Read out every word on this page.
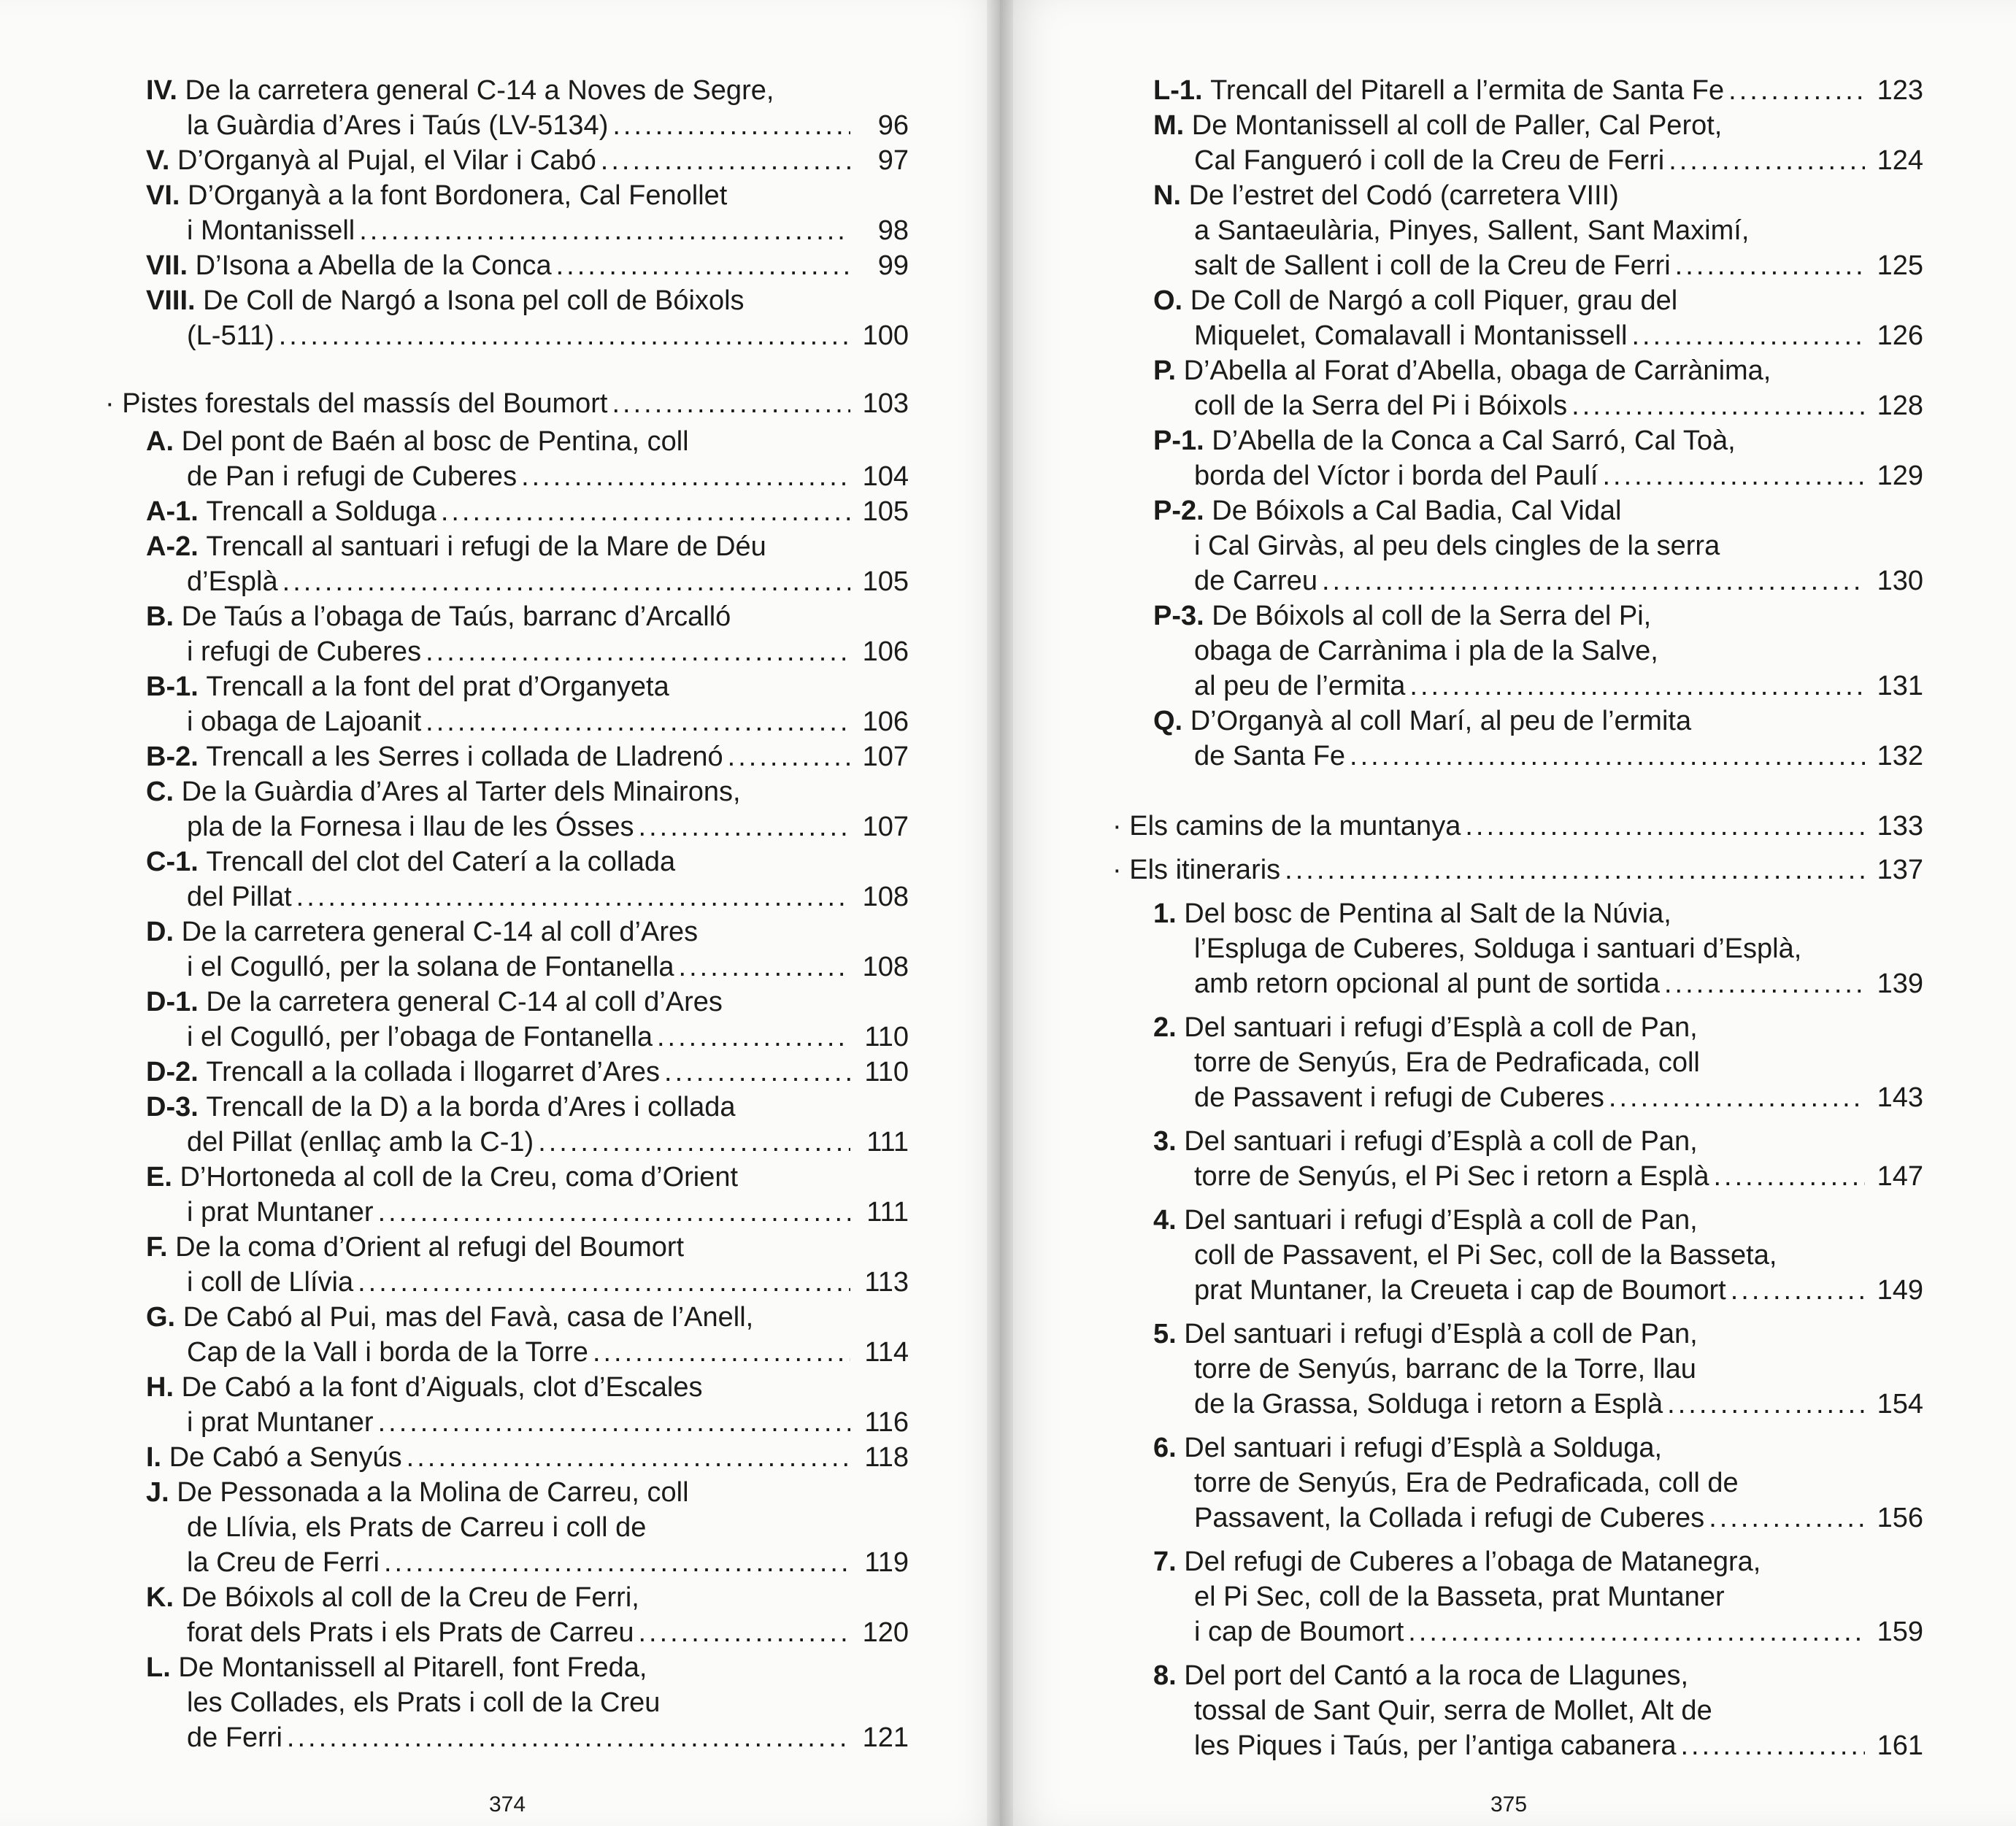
IV.
De la carretera general C-14 a Noves de Segre,
la Guàrdia d’Ares i Taús (LV-5134) .....	96
V.
D’Organyà al Pujal, el Vilar i Cabó .....	97
VI.
D’Organyà a la font Bordonera, Cal Fenollet
i Montanissell .....	98
VII.
D’Isona a Abella de la Conca .....	99
VIII.
De Coll de Nargó a Isona pel coll de Bóixols
(L-511) .....	100
·
Pistes forestals del massís del Boumort .....	103
A.
Del pont de Baén al bosc de Pentina, coll
de Pan i refugi de Cuberes .....	104
A-1.
Trencall a Solduga .....	105
A-2.
Trencall al santuari i refugi de la Mare de Déu
d’Esplà .....	105
B.
De Taús a l’obaga de Taús, barranc d’Arcalló
i refugi de Cuberes .....	106
B-1.
Trencall a la font del prat d’Organyeta
i obaga de Lajoanit .....	106
B-2.
Trencall a les Serres i collada de Lladrenó .....	107
C.
De la Guàrdia d’Ares al Tarter dels Minairons,
pla de la Fornesa i llau de les Ósses .....	107
C-1.
Trencall del clot del Caterí a la collada
del Pillat .....	108
D.
De la carretera general C-14 al coll d’Ares
i el Cogulló, per la solana de Fontanella .....	108
D-1.
De la carretera general C-14 al coll d’Ares
i el Cogulló, per l’obaga de Fontanella .....	110
D-2.
Trencall a la collada i llogarret d’Ares .....	110
D-3.
Trencall de la D) a la borda d’Ares i collada
del Pillat (enllaç amb la C-1) .....	111
E.
D’Hortoneda al coll de la Creu, coma d’Orient
i prat Muntaner .....	111
F.
De la coma d’Orient al refugi del Boumort
i coll de Llívia .....	113
G.
De Cabó al Pui, mas del Favà, casa de l’Anell,
Cap de la Vall i borda de la Torre .....	114
H.
De Cabó a la font d’Aiguals, clot d’Escales
i prat Muntaner .....	116
I.
De Cabó a Senyús .....	118
J.
De Pessonada a la Molina de Carreu, coll
de Llívia, els Prats de Carreu i coll de
la Creu de Ferri .....	119
K.
De Bóixols al coll de la Creu de Ferri,
forat dels Prats i els Prats de Carreu .....	120
L.
De Montanissell al Pitarell, font Freda,
les Collades, els Prats i coll de la Creu
de Ferri .....	121
374
L-1.
Trencall del Pitarell a l’ermita de Santa Fe .....	123
M.
De Montanissell al coll de Paller, Cal Perot,
Cal Fangueró i coll de la Creu de Ferri .....	124
N.
De l’estret del Codó (carretera VIII)
a Santaeulària, Pinyes, Sallent, Sant Maximí,
salt de Sallent i coll de la Creu de Ferri .....	125
O.
De Coll de Nargó a coll Piquer, grau del
Miquelet, Comalavall i Montanissell .....	126
P.
D’Abella al Forat d’Abella, obaga de Carrànima,
coll de la Serra del Pi i Bóixols .....	128
P-1.
D’Abella de la Conca a Cal Sarró, Cal Toà,
borda del Víctor i borda del Paulí .....	129
P-2.
De Bóixols a Cal Badia, Cal Vidal
i Cal Girvàs, al peu dels cingles de la serra
de Carreu .....	130
P-3.
De Bóixols al coll de la Serra del Pi,
obaga de Carrànima i pla de la Salve,
al peu de l’ermita .....	131
Q.
D’Organyà al coll Marí, al peu de l’ermita
de Santa Fe .....	132
·
Els camins de la muntanya .....	133
·
Els itineraris .....	137
1.
Del bosc de Pentina al Salt de la Núvia,
l’Espluga de Cuberes, Solduga i santuari d’Esplà,
amb retorn opcional al punt de sortida .....	139
2.
Del santuari i refugi d’Esplà a coll de Pan,
torre de Senyús, Era de Pedraficada, coll
de Passavent i refugi de Cuberes .....	143
3.
Del santuari i refugi d’Esplà a coll de Pan,
torre de Senyús, el Pi Sec i retorn a Esplà .....	147
4.
Del santuari i refugi d’Esplà a coll de Pan,
coll de Passavent, el Pi Sec, coll de la Basseta,
prat Muntaner, la Creueta i cap de Boumort .....	149
5.
Del santuari i refugi d’Esplà a coll de Pan,
torre de Senyús, barranc de la Torre, llau
de la Grassa, Solduga i retorn a Esplà .....	154
6.
Del santuari i refugi d’Esplà a Solduga,
torre de Senyús, Era de Pedraficada, coll de
Passavent, la Collada i refugi de Cuberes .....	156
7.
Del refugi de Cuberes a l’obaga de Matanegra,
el Pi Sec, coll de la Basseta, prat Muntaner
i cap de Boumort .....	159
8.
Del port del Cantó a la roca de Llagunes,
tossal de Sant Quir, serra de Mollet, Alt de
les Piques i Taús, per l’antiga cabanera .....	161
375
